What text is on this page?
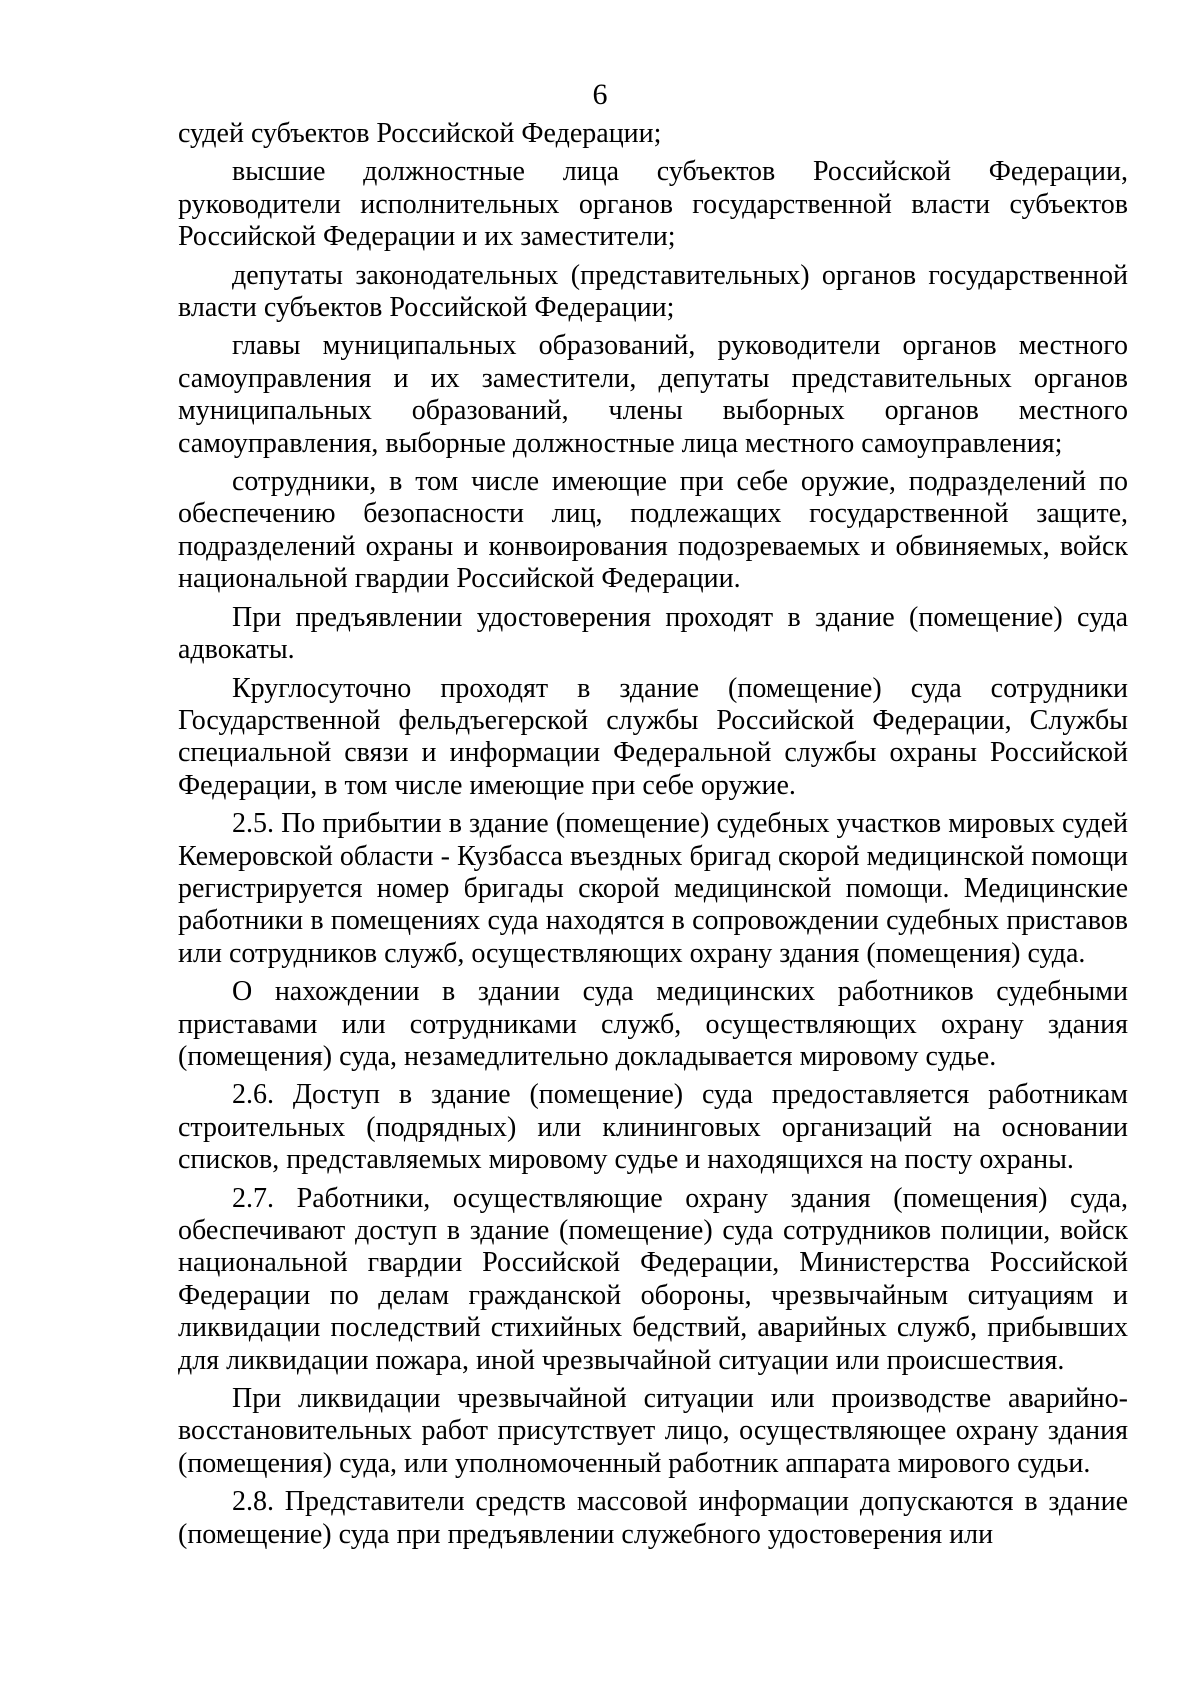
6

судей субъектов Российской Федерации;

высшие должностные лица субъектов Российской Федерации, руководители исполнительных органов государственной власти субъектов Российской Федерации и их заместители;

депутаты законодательных (представительных) органов государственной власти субъектов Российской Федерации;

главы муниципальных образований, руководители органов местного самоуправления и их заместители, депутаты представительных органов муниципальных образований, члены выборных органов местного самоуправления, выборные должностные лица местного самоуправления;

сотрудники, в том числе имеющие при себе оружие, подразделений по обеспечению безопасности лиц, подлежащих государственной защите, подразделений охраны и конвоирования подозреваемых и обвиняемых, войск национальной гвардии Российской Федерации.

При предъявлении удостоверения проходят в здание (помещение) суда адвокаты.

Круглосуточно проходят в здание (помещение) суда сотрудники Государственной фельдъегерской службы Российской Федерации, Службы специальной связи и информации Федеральной службы охраны Российской Федерации, в том числе имеющие при себе оружие.

2.5. По прибытии в здание (помещение) судебных участков мировых судей Кемеровской области - Кузбасса въездных бригад скорой медицинской помощи регистрируется номер бригады скорой медицинской помощи. Медицинские работники в помещениях суда находятся в сопровождении судебных приставов или сотрудников служб, осуществляющих охрану здания (помещения) суда.

О нахождении в здании суда медицинских работников судебными приставами или сотрудниками служб, осуществляющих охрану здания (помещения) суда, незамедлительно докладывается мировому судье.

2.6. Доступ в здание (помещение) суда предоставляется работникам строительных (подрядных) или клининговых организаций на основании списков, представляемых мировому судье и находящихся на посту охраны.

2.7. Работники, осуществляющие охрану здания (помещения) суда, обеспечивают доступ в здание (помещение) суда сотрудников полиции, войск национальной гвардии Российской Федерации, Министерства Российской Федерации по делам гражданской обороны, чрезвычайным ситуациям и ликвидации последствий стихийных бедствий, аварийных служб, прибывших для ликвидации пожара, иной чрезвычайной ситуации или происшествия.

При ликвидации чрезвычайной ситуации или производстве аварийно-восстановительных работ присутствует лицо, осуществляющее охрану здания (помещения) суда, или уполномоченный работник аппарата мирового судьи.

2.8. Представители средств массовой информации допускаются в здание (помещение) суда при предъявлении служебного удостоверения или
